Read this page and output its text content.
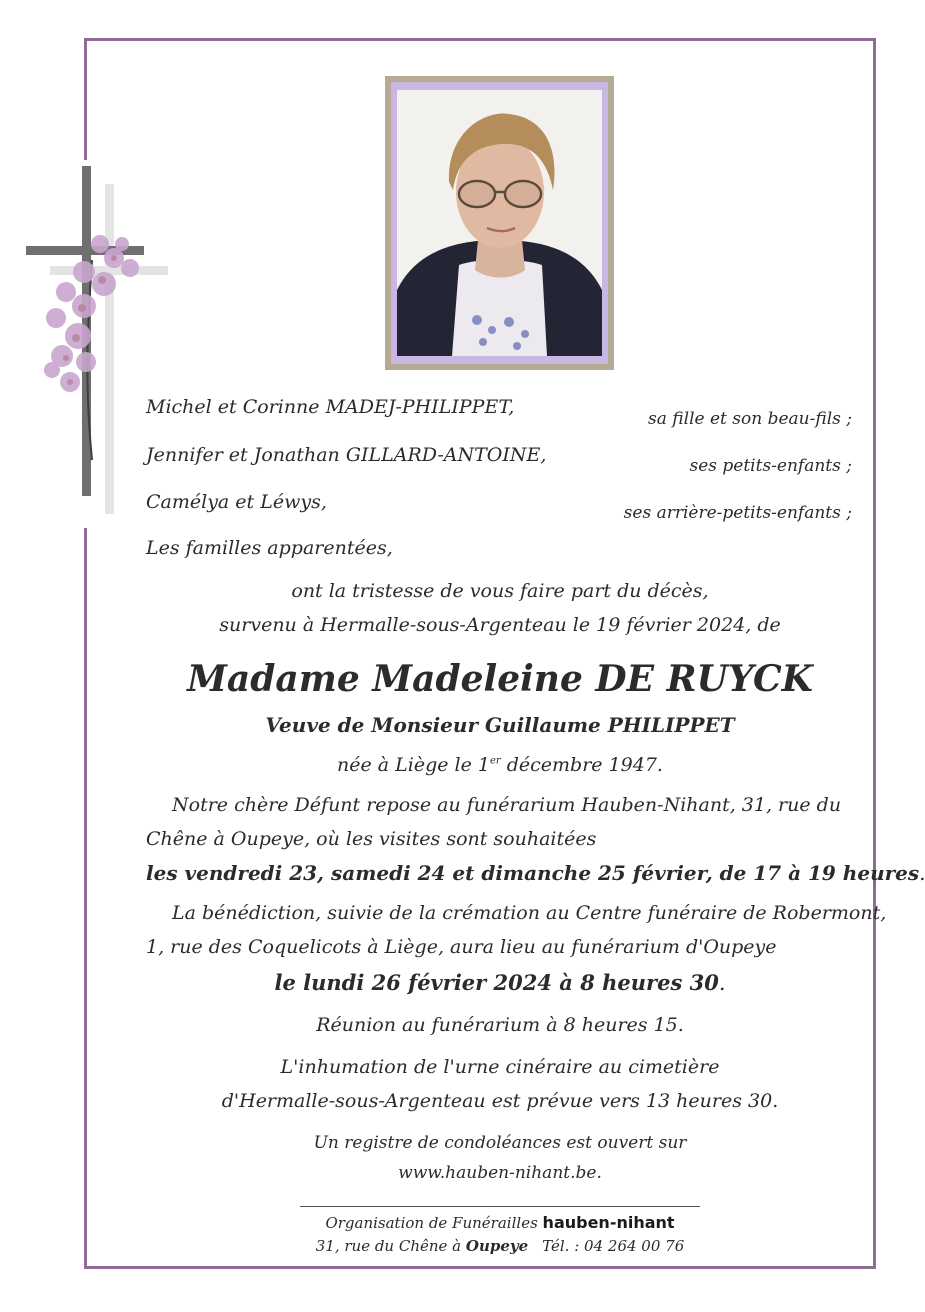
Michel et Corinne MADEJ-PHILIPPET,
sa fille et son beau-fils ;
Jennifer et Jonathan GILLARD-ANTOINE,	ses petits-enfants ;
Camélya et Léwys,	ses arrière-petits-enfants ;
Les familles apparentées,
ont la tristesse de vous faire part du décès,
survenu à Hermalle-sous-Argenteau le 19 février 2024, de
Madame Madeleine DE RUYCK
Veuve de Monsieur Guillaume PHILIPPET
née à Liège le 1er décembre 1947.
Notre chère Défunt repose au funérarium Hauben-Nihant, 31, rue du
Chêne à Oupeye, où les visites sont souhaitées
les vendredi 23, samedi 24 et dimanche 25 février, de 17 à 19 heures.
La bénédiction, suivie de la crémation au Centre funéraire de Robermont,
1, rue des Coquelicots à Liège, aura lieu au funérarium d'Oupeye
le lundi 26 février 2024 à 8 heures 30.
Réunion au funérarium à 8 heures 15.
L'inhumation de l'urne cinéraire au cimetière
d'Hermalle-sous-Argenteau est prévue vers 13 heures 30.
Un registre de condoléances est ouvert sur
www.hauben-nihant.be.
Organisation de Funérailles hauben-nihant
31, rue du Chêne à Oupeye Tél. : 04 264 00 76
